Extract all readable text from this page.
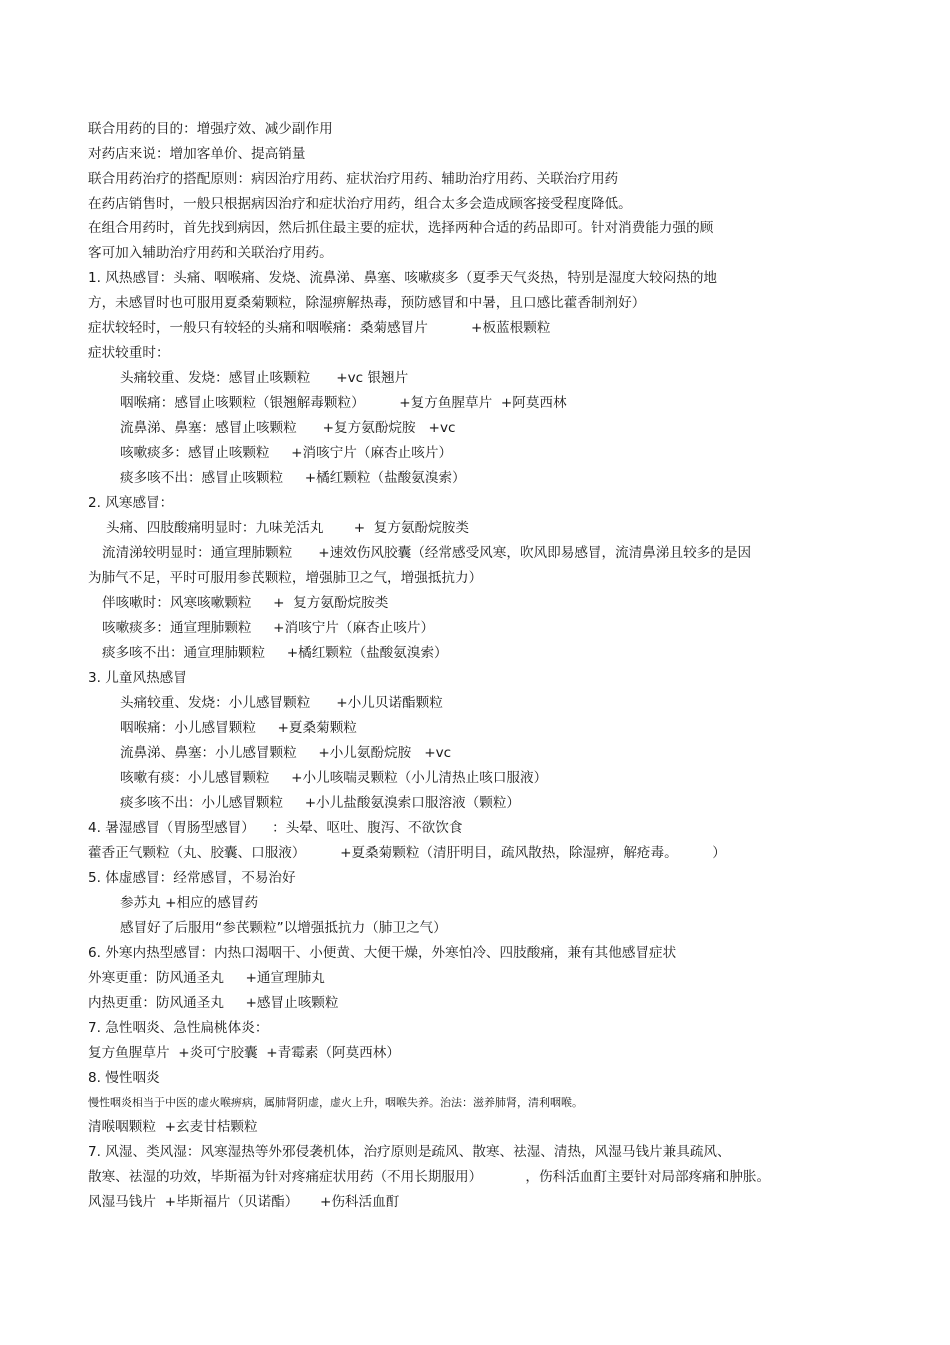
联合用药的目的：增强疗效、减少副作用
对药店来说：增加客单价、提高销量
联合用药治疗的搭配原则：病因治疗用药、症状治疗用药、辅助治疗用药、关联治疗用药
在药店销售时，一般只根据病因治疗和症状治疗用药，组合太多会造成顾客接受程度降低。
在组合用药时，首先找到病因，然后抓住最主要的症状，选择两种合适的药品即可。针对消费能力强的顾
客可加入辅助治疗用药和关联治疗用药。
1. 风热感冒：头痛、咽喉痛、发烧、流鼻涕、鼻塞、咳嗽痰多（夏季天气炎热，特别是湿度大较闷热的地
方，未感冒时也可服用夏桑菊颗粒，除湿痹解热毒，预防感冒和中暑，且口感比藿香制剂好）
症状较轻时，一般只有较轻的头痛和咽喉痛：桑菊感冒片          +板蓝根颗粒
症状较重时：
头痛较重、发烧：感冒止咳颗粒      +vc 银翘片
咽喉痛：感冒止咳颗粒（银翘解毒颗粒）        +复方鱼腥草片  +阿莫西林
流鼻涕、鼻塞：感冒止咳颗粒      +复方氨酚烷胺   +vc
咳嗽痰多：感冒止咳颗粒     +消咳宁片（麻杏止咳片）
痰多咳不出：感冒止咳颗粒     +橘红颗粒（盐酸氨溴索）
2. 风寒感冒：
头痛、四肢酸痛明显时：九味羌活丸       +  复方氨酚烷胺类
流清涕较明显时：通宣理肺颗粒      +速效伤风胶囊（经常感受风寒，吹风即易感冒，流清鼻涕且较多的是因
为肺气不足，平时可服用参芪颗粒，增强肺卫之气，增强抵抗力）
伴咳嗽时：风寒咳嗽颗粒     +  复方氨酚烷胺类
咳嗽痰多：通宣理肺颗粒     +消咳宁片（麻杏止咳片）
痰多咳不出：通宣理肺颗粒     +橘红颗粒（盐酸氨溴索）
3. 儿童风热感冒
头痛较重、发烧：小儿感冒颗粒      +小儿贝诺酯颗粒
咽喉痛：小儿感冒颗粒     +夏桑菊颗粒
流鼻涕、鼻塞：小儿感冒颗粒     +小儿氨酚烷胺   +vc
咳嗽有痰：小儿感冒颗粒     +小儿咳喘灵颗粒（小儿清热止咳口服液）
痰多咳不出：小儿感冒颗粒     +小儿盐酸氨溴索口服溶液（颗粒）
4. 暑湿感冒（胃肠型感冒）    ：头晕、呕吐、腹泻、不欲饮食
藿香正气颗粒（丸、胶囊、口服液）        +夏桑菊颗粒（清肝明目，疏风散热，除湿痹，解疮毒。        ）
5. 体虚感冒：经常感冒，不易治好
参苏丸 +相应的感冒药
感冒好了后服用“参芪颗粒”以增强抵抗力（肺卫之气）
6. 外寒内热型感冒：内热口渴咽干、小便黄、大便干燥，外寒怕冷、四肢酸痛，兼有其他感冒症状
外寒更重：防风通圣丸     +通宣理肺丸
内热更重：防风通圣丸     +感冒止咳颗粒
7. 急性咽炎、急性扁桃体炎：
复方鱼腥草片  +炎可宁胶囊  +青霉素（阿莫西林）
8. 慢性咽炎
慢性咽炎相当于中医的虚火喉痹病，属肺肾阴虚，虚火上升，咽喉失养。治法：滋养肺肾，清利咽喉。
清喉咽颗粒  +玄麦甘桔颗粒
7. 风湿、类风湿：风寒湿热等外邪侵袭机体，治疗原则是疏风、散寒、祛湿、清热，风湿马钱片兼具疏风、
散寒、祛湿的功效，毕斯福为针对疼痛症状用药（不用长期服用）          ，伤科活血酊主要针对局部疼痛和肿胀。
风湿马钱片  +毕斯福片（贝诺酯）     +伤科活血酊
